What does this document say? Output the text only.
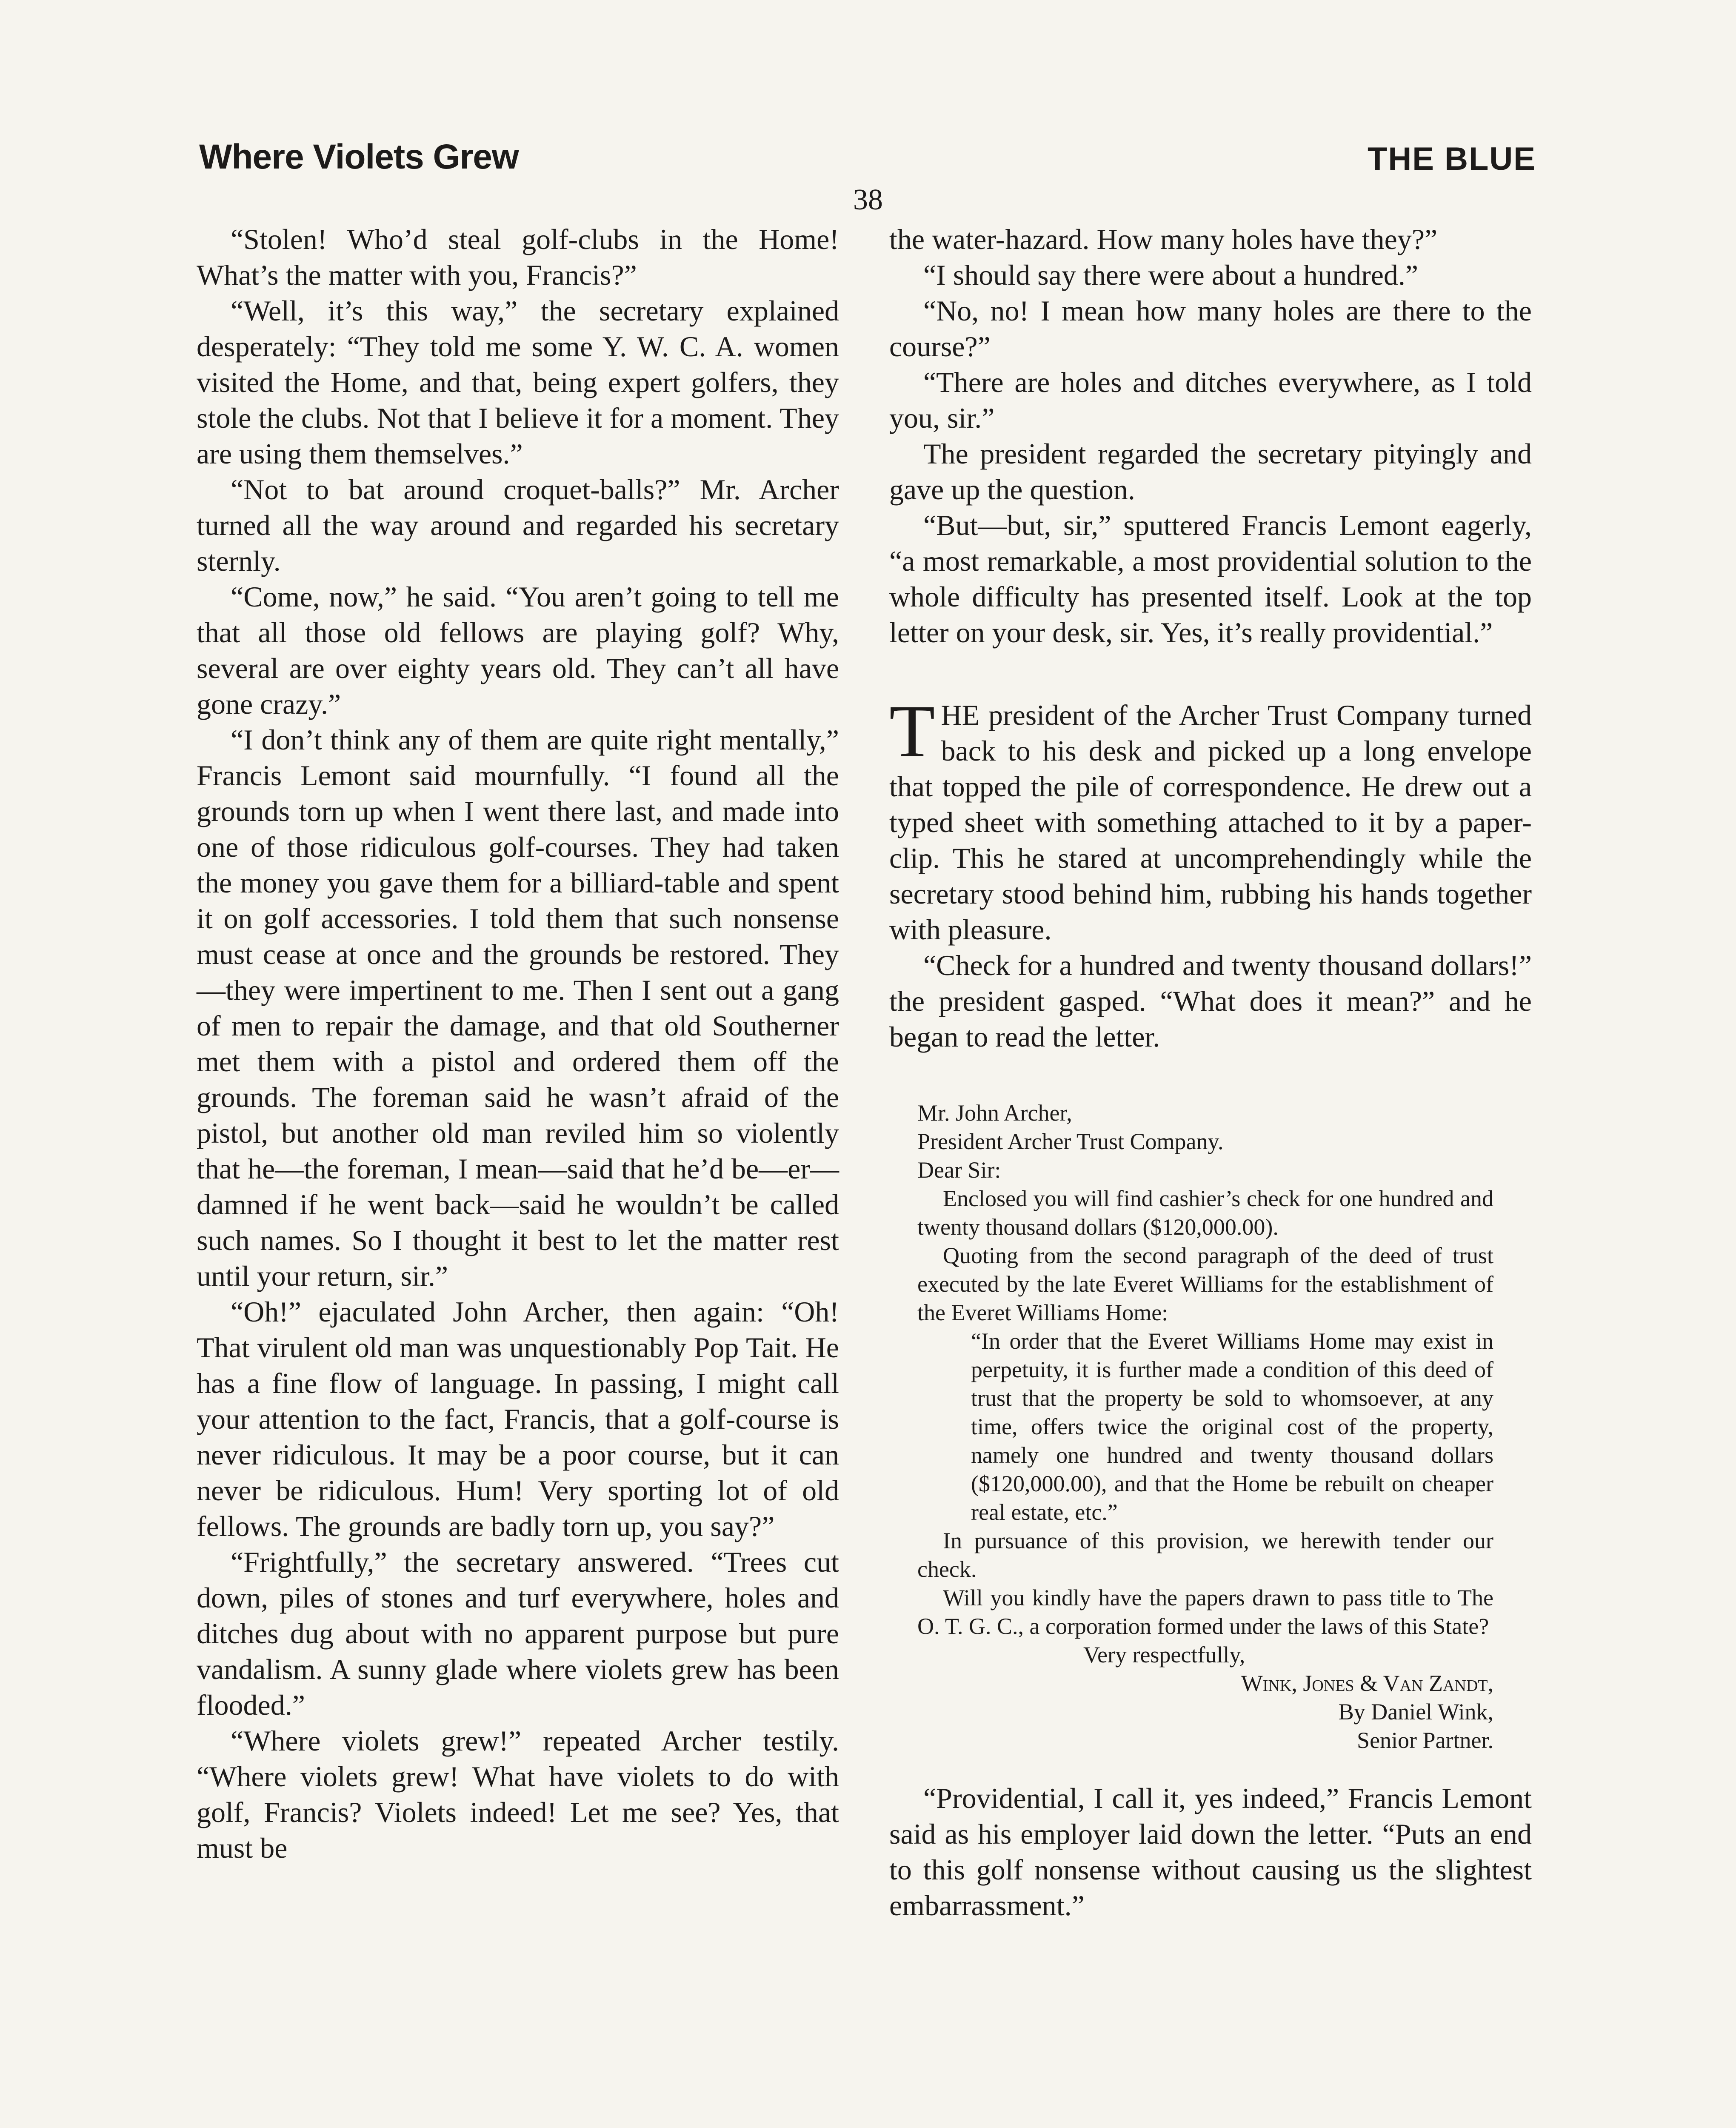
Where Violets Grew	THE BLUE
38

“Stolen! Who’d steal golf-clubs in the Home! What’s the matter with you, Francis?”

“Well, it’s this way,” the secretary explained desperately: “They told me some Y. W. C. A. women visited the Home, and that, being expert golfers, they stole the clubs. Not that I believe it for a moment. They are using them themselves.”

“Not to bat around croquet-balls?” Mr. Archer turned all the way around and regarded his secretary sternly.

“Come, now,” he said. “You aren’t going to tell me that all those old fellows are playing golf? Why, several are over eighty years old. They can’t all have gone crazy.”

“I don’t think any of them are quite right mentally,” Francis Lemont said mournfully. “I found all the grounds torn up when I went there last, and made into one of those ridiculous golf-courses. They had taken the money you gave them for a billiard-table and spent it on golf accessories. I told them that such nonsense must cease at once and the grounds be restored. They—they were impertinent to me. Then I sent out a gang of men to repair the damage, and that old Southerner met them with a pistol and ordered them off the grounds. The foreman said he wasn’t afraid of the pistol, but another old man reviled him so violently that he—the foreman, I mean—said that he’d be—er—damned if he went back—said he wouldn’t be called such names. So I thought it best to let the matter rest until your return, sir.”

“Oh!” ejaculated John Archer, then again: “Oh! That virulent old man was unquestionably Pop Tait. He has a fine flow of language. In passing, I might call your attention to the fact, Francis, that a golf-course is never ridiculous. It may be a poor course, but it can never be ridiculous. Hum! Very sporting lot of old fellows. The grounds are badly torn up, you say?”

“Frightfully,” the secretary answered. “Trees cut down, piles of stones and turf everywhere, holes and ditches dug about with no apparent purpose but pure vandalism. A sunny glade where violets grew has been flooded.”

“Where violets grew!” repeated Archer testily. “Where violets grew! What have violets to do with golf, Francis? Violets indeed! Let me see? Yes, that must be

the water-hazard. How many holes have they?”

“I should say there were about a hundred.”

“No, no! I mean how many holes are there to the course?”

“There are holes and ditches everywhere, as I told you, sir.”

The president regarded the secretary pityingly and gave up the question.

“But—but, sir,” sputtered Francis Lemont eagerly, “a most remarkable, a most providential solution to the whole difficulty has presented itself. Look at the top letter on your desk, sir. Yes, it’s really providential.”

THE president of the Archer Trust Company turned back to his desk and picked up a long envelope that topped the pile of correspondence. He drew out a typed sheet with something attached to it by a paper-clip. This he stared at uncomprehendingly while the secretary stood behind him, rubbing his hands together with pleasure.

“Check for a hundred and twenty thousand dollars!” the president gasped. “What does it mean?” and he began to read the letter.

Mr. John Archer,

President Archer Trust Company.

Dear Sir:

Enclosed you will find cashier’s check for one hundred and twenty thousand dollars ($120,000.00).

Quoting from the second paragraph of the deed of trust executed by the late Everet Williams for the establishment of the Everet Williams Home:

“In order that the Everet Williams Home may exist in perpetuity, it is further made a condition of this deed of trust that the property be sold to whomsoever, at any time, offers twice the original cost of the property, namely one hundred and twenty thousand dollars ($120,000.00), and that the Home be rebuilt on cheaper real estate, etc.”

In pursuance of this provision, we herewith tender our check.

Will you kindly have the papers drawn to pass title to The O. T. G. C., a corporation formed under the laws of this State?

Very respectfully,

Wink, Jones & Van Zandt,

By Daniel Wink,

Senior Partner.

“Providential, I call it, yes indeed,” Francis Lemont said as his employer laid down the letter. “Puts an end to this golf nonsense without causing us the slightest embarrassment.”
